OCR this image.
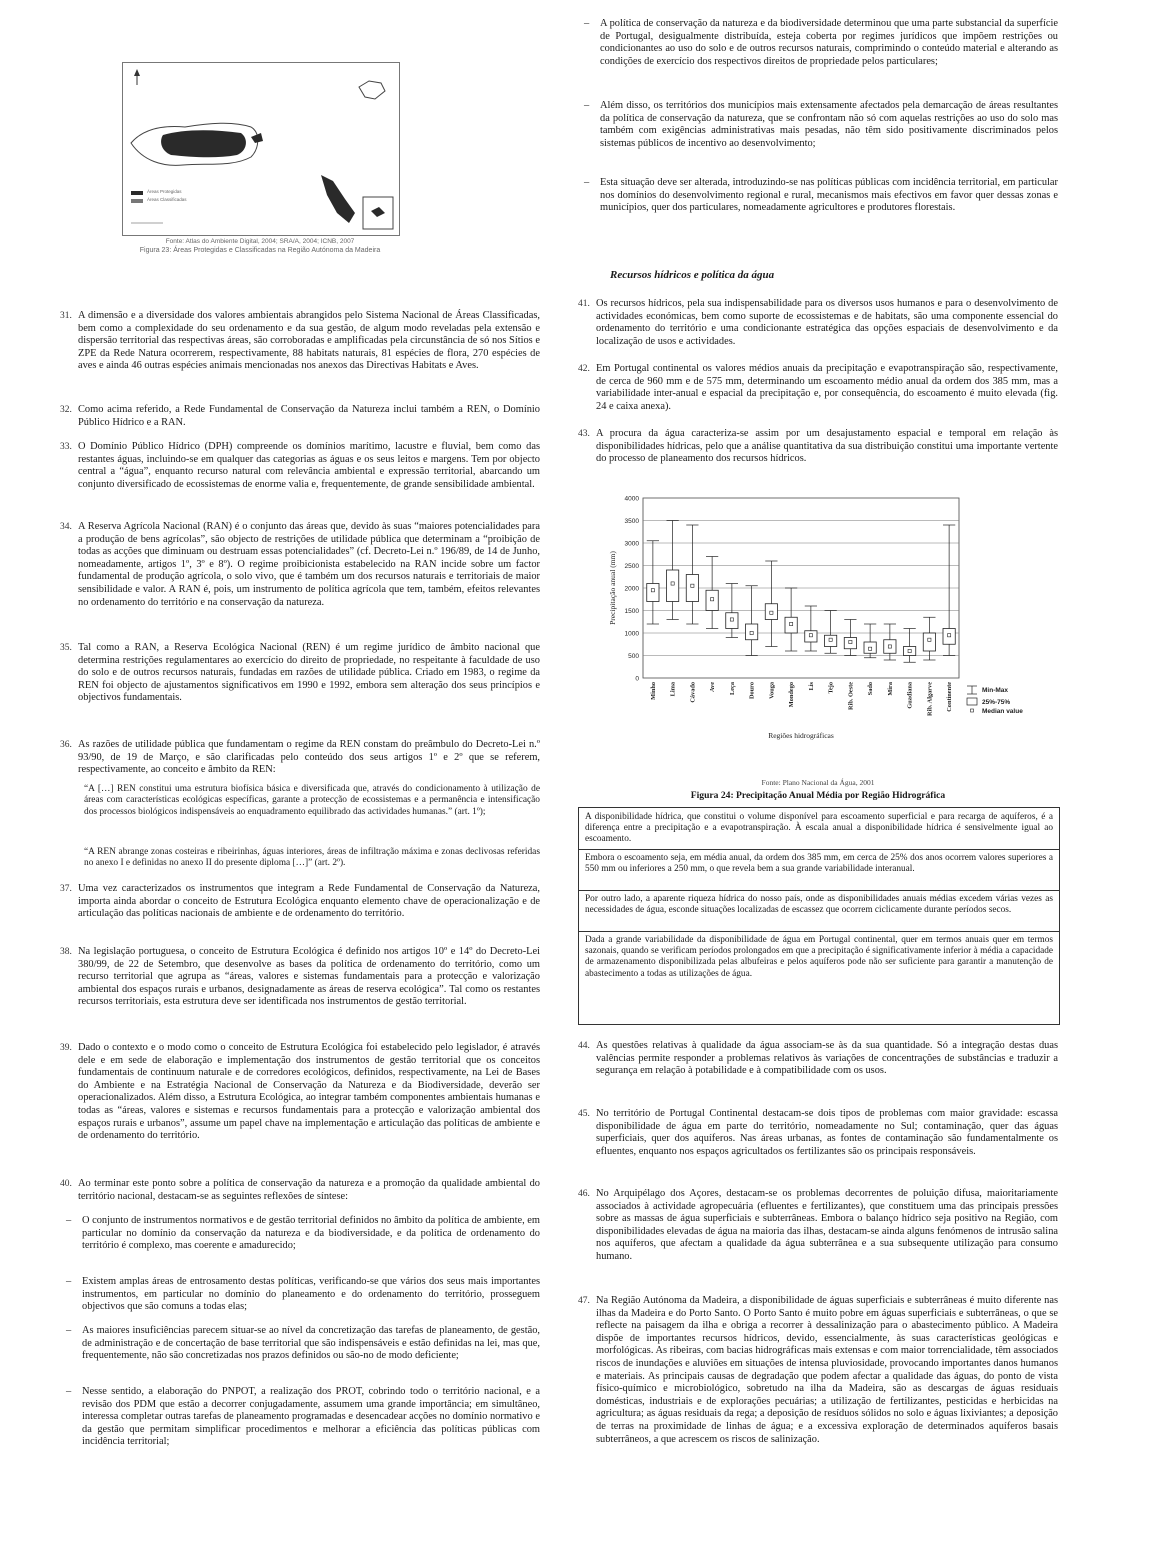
Áreas Protegidas
Áreas Classificadas
Fonte: Atlas do Ambiente Digital, 2004; SRA/A, 2004; ICNB, 2007
Figura 23: Áreas Protegidas e Classificadas na Região Autónoma da Madeira
31. A dimensão e a diversidade dos valores ambientais abrangidos pelo Sistema Nacional de Áreas Classificadas, bem como a complexidade do seu ordenamento e da sua gestão, de algum modo reveladas pela extensão e dispersão territorial das respectivas áreas, são corroboradas e amplificadas pela circunstância de só nos Sítios e ZPE da Rede Natura ocorrerem, respectivamente, 88 habitats naturais, 81 espécies de flora, 270 espécies de aves e ainda 46 outras espécies animais mencionadas nos anexos das Directivas Habitats e Aves.

32. Como acima referido, a Rede Fundamental de Conservação da Natureza inclui também a REN, o Domínio Público Hídrico e a RAN.

33. O Domínio Público Hídrico (DPH) compreende os domínios marítimo, lacustre e fluvial, bem como das restantes águas, incluindo-se em qualquer das categorias as águas e os seus leitos e margens. Tem por objecto central a “água”, enquanto recurso natural com relevância ambiental e expressão territorial, abarcando um conjunto diversificado de ecossistemas de enorme valia e, frequentemente, de grande sensibilidade ambiental.

34. A Reserva Agrícola Nacional (RAN) é o conjunto das áreas que, devido às suas “maiores potencialidades para a produção de bens agrícolas”, são objecto de restrições de utilidade pública que determinam a “proibição de todas as acções que diminuam ou destruam essas potencialidades” (cf. Decreto-Lei n.º 196/89, de 14 de Junho, nomeadamente, artigos 1º, 3º e 8º). O regime proibicionista estabelecido na RAN incide sobre um factor fundamental de produção agrícola, o solo vivo, que é também um dos recursos naturais e territoriais de maior sensibilidade e valor. A RAN é, pois, um instrumento de política agrícola que tem, também, efeitos relevantes no ordenamento do território e na conservação da natureza.

35. Tal como a RAN, a Reserva Ecológica Nacional (REN) é um regime jurídico de âmbito nacional que determina restrições regulamentares ao exercício do direito de propriedade, no respeitante à faculdade de uso do solo e de outros recursos naturais, fundadas em razões de utilidade pública. Criado em 1983, o regime da REN foi objecto de ajustamentos significativos em 1990 e 1992, embora sem alteração dos seus princípios e objectivos fundamentais.

36. As razões de utilidade pública que fundamentam o regime da REN constam do preâmbulo do Decreto-Lei n.º 93/90, de 19 de Março, e são clarificadas pelo conteúdo dos seus artigos 1º e 2º que se referem, respectivamente, ao conceito e âmbito da REN:

“A […] REN constitui uma estrutura biofísica básica e diversificada que, através do condicionamento à utilização de áreas com características ecológicas específicas, garante a protecção de ecossistemas e a permanência e intensificação dos processos biológicos indispensáveis ao enquadramento equilibrado das actividades humanas.” (art. 1º);
“A REN abrange zonas costeiras e ribeirinhas, águas interiores, áreas de infiltração máxima e zonas declivosas referidas no anexo I e definidas no anexo II do presente diploma […]” (art. 2º).
37. Uma vez caracterizados os instrumentos que integram a Rede Fundamental de Conservação da Natureza, importa ainda abordar o conceito de Estrutura Ecológica enquanto elemento chave de operacionalização e de articulação das políticas nacionais de ambiente e de ordenamento do território.

38. Na legislação portuguesa, o conceito de Estrutura Ecológica é definido nos artigos 10º e 14º do Decreto-Lei 380/99, de 22 de Setembro, que desenvolve as bases da política de ordenamento do território, como um recurso territorial que agrupa as “áreas, valores e sistemas fundamentais para a protecção e valorização ambiental dos espaços rurais e urbanos, designadamente as áreas de reserva ecológica”. Tal como os restantes recursos territoriais, esta estrutura deve ser identificada nos instrumentos de gestão territorial.

39. Dado o contexto e o modo como o conceito de Estrutura Ecológica foi estabelecido pelo legislador, é através dele e em sede de elaboração e implementação dos instrumentos de gestão territorial que os conceitos fundamentais de continuum naturale e de corredores ecológicos, definidos, respectivamente, na Lei de Bases do Ambiente e na Estratégia Nacional de Conservação da Natureza e da Biodiversidade, deverão ser operacionalizados. Além disso, a Estrutura Ecológica, ao integrar também componentes ambientais humanas e todas as “áreas, valores e sistemas e recursos fundamentais para a protecção e valorização ambiental dos espaços rurais e urbanos”, assume um papel chave na implementação e articulação das políticas de ambiente e de ordenamento do território.

40. Ao terminar este ponto sobre a política de conservação da natureza e a promoção da qualidade ambiental do território nacional, destacam-se as seguintes reflexões de síntese:

– O conjunto de instrumentos normativos e de gestão territorial definidos no âmbito da política de ambiente, em particular no domínio da conservação da natureza e da biodiversidade, e da política de ordenamento do território é complexo, mas coerente e amadurecido;

– Existem amplas áreas de entrosamento destas políticas, verificando-se que vários dos seus mais importantes instrumentos, em particular no domínio do planeamento e do ordenamento do território, prosseguem objectivos que são comuns a todas elas;

– As maiores insuficiências parecem situar-se ao nível da concretização das tarefas de planeamento, de gestão, de administração e de concertação de base territorial que são indispensáveis e estão definidas na lei, mas que, frequentemente, não são concretizadas nos prazos definidos ou são-no de modo deficiente;

– Nesse sentido, a elaboração do PNPOT, a realização dos PROT, cobrindo todo o território nacional, e a revisão dos PDM que estão a decorrer conjugadamente, assumem uma grande importância; em simultâneo, interessa completar outras tarefas de planeamento programadas e desencadear acções no domínio normativo e da gestão que permitam simplificar procedimentos e melhorar a eficiência das políticas públicas com incidência territorial;

– A política de conservação da natureza e da biodiversidade determinou que uma parte substancial da superfície de Portugal, desigualmente distribuída, esteja coberta por regimes jurídicos que impõem restrições ou condicionantes ao uso do solo e de outros recursos naturais, comprimindo o conteúdo material e alterando as condições de exercício dos respectivos direitos de propriedade pelos particulares;

– Além disso, os territórios dos municípios mais extensamente afectados pela demarcação de áreas resultantes da política de conservação da natureza, que se confrontam não só com aquelas restrições ao uso do solo mas também com exigências administrativas mais pesadas, não têm sido positivamente discriminados pelos sistemas públicos de incentivo ao desenvolvimento;

– Esta situação deve ser alterada, introduzindo-se nas políticas públicas com incidência territorial, em particular nos domínios do desenvolvimento regional e rural, mecanismos mais efectivos em favor quer dessas zonas e municípios, quer dos particulares, nomeadamente agricultores e produtores florestais.

Recursos hídricos e política da água
41. Os recursos hídricos, pela sua indispensabilidade para os diversos usos humanos e para o desenvolvimento de actividades económicas, bem como suporte de ecossistemas e de habitats, são uma componente essencial do ordenamento do território e uma condicionante estratégica das opções espaciais de desenvolvimento e da localização de usos e actividades.

42. Em Portugal continental os valores médios anuais da precipitação e evapotranspiração são, respectivamente, de cerca de 960 mm e de 575 mm, determinando um escoamento médio anual da ordem dos 385 mm, mas a variabilidade inter-anual e espacial da precipitação e, por consequência, do escoamento é muito elevada (fig. 24 e caixa anexa).

43. A procura da água caracteriza-se assim por um desajustamento espacial e temporal em relação às disponibilidades hídricas, pelo que a análise quantitativa da sua distribuição constitui uma importante vertente do processo de planeamento dos recursos hídricos.

0
500
1000
1500
2000
2500
3000
3500
4000
Precipitação anual (mm)
Regiões hidrográficas
Minho Lima Cávado Ave Leça Douro Vouga Mondego Lis Tejo Rib. Oeste Sado Mira Guadiana Rib. Algarve Continente	Min-Max
25%-75%
Median value
Fonte: Plano Nacional da Água, 2001
Figura 24: Precipitação Anual Média por Região Hidrográfica

A disponibilidade hídrica, que constitui o volume disponível para escoamento superficial e para recarga de aquíferos, é a diferença entre a precipitação e a evapotranspiração. À escala anual a disponibilidade hídrica é sensivelmente igual ao escoamento.

Embora o escoamento seja, em média anual, da ordem dos 385 mm, em cerca de 25% dos anos ocorrem valores superiores a 550 mm ou inferiores a 250 mm, o que revela bem a sua grande variabilidade interanual.

Por outro lado, a aparente riqueza hídrica do nosso país, onde as disponibilidades anuais médias excedem várias vezes as necessidades de água, esconde situações localizadas de escassez que ocorrem ciclicamente durante períodos secos.

Dada a grande variabilidade da disponibilidade de água em Portugal continental, quer em termos anuais quer em termos sazonais, quando se verificam períodos prolongados em que a precipitação é significativamente inferior à média a capacidade de armazenamento disponibilizada pelas albufeiras e pelos aquíferos pode não ser suficiente para garantir a manutenção de abastecimento a todas as utilizações de água.

44. As questões relativas à qualidade da água associam-se às da sua quantidade. Só a integração destas duas valências permite responder a problemas relativos às variações de concentrações de substâncias e traduzir a segurança em relação à potabilidade e à compatibilidade com os usos.

45. No território de Portugal Continental destacam-se dois tipos de problemas com maior gravidade: escassa disponibilidade de água em parte do território, nomeadamente no Sul; contaminação, quer das águas superficiais, quer dos aquíferos. Nas áreas urbanas, as fontes de contaminação são fundamentalmente os efluentes, enquanto nos espaços agricultados os fertilizantes são os principais responsáveis.

46. No Arquipélago dos Açores, destacam-se os problemas decorrentes de poluição difusa, maioritariamente associados à actividade agropecuária (efluentes e fertilizantes), que constituem uma das principais pressões sobre as massas de água superficiais e subterrâneas. Embora o balanço hídrico seja positivo na Região, com disponibilidades elevadas de água na maioria das ilhas, destacam-se ainda alguns fenómenos de intrusão salina nos aquíferos, que afectam a qualidade da água subterrânea e a sua subsequente utilização para consumo humano.

47. Na Região Autónoma da Madeira, a disponibilidade de águas superficiais e subterrâneas é muito diferente nas ilhas da Madeira e do Porto Santo. O Porto Santo é muito pobre em águas superficiais e subterrâneas, o que se reflecte na paisagem da ilha e obriga a recorrer à dessalinização para o abastecimento público. A Madeira dispõe de importantes recursos hídricos, devido, essencialmente, às suas características geológicas e morfológicas. As ribeiras, com bacias hidrográficas mais extensas e com maior torrencialidade, têm associados riscos de inundações e aluviões em situações de intensa pluviosidade, provocando importantes danos humanos e materiais. As principais causas de degradação que podem afectar a qualidade das águas, do ponto de vista físico-químico e microbiológico, sobretudo na ilha da Madeira, são as descargas de águas residuais domésticas, industriais e de explorações pecuárias; a utilização de fertilizantes, pesticidas e herbicidas na agricultura; as águas residuais da rega; a deposição de resíduos sólidos no solo e águas lixiviantes; a deposição de terras na proximidade de linhas de água; e a excessiva exploração de determinados aquíferos basais subterrâneos, a que acrescem os riscos de salinização.
